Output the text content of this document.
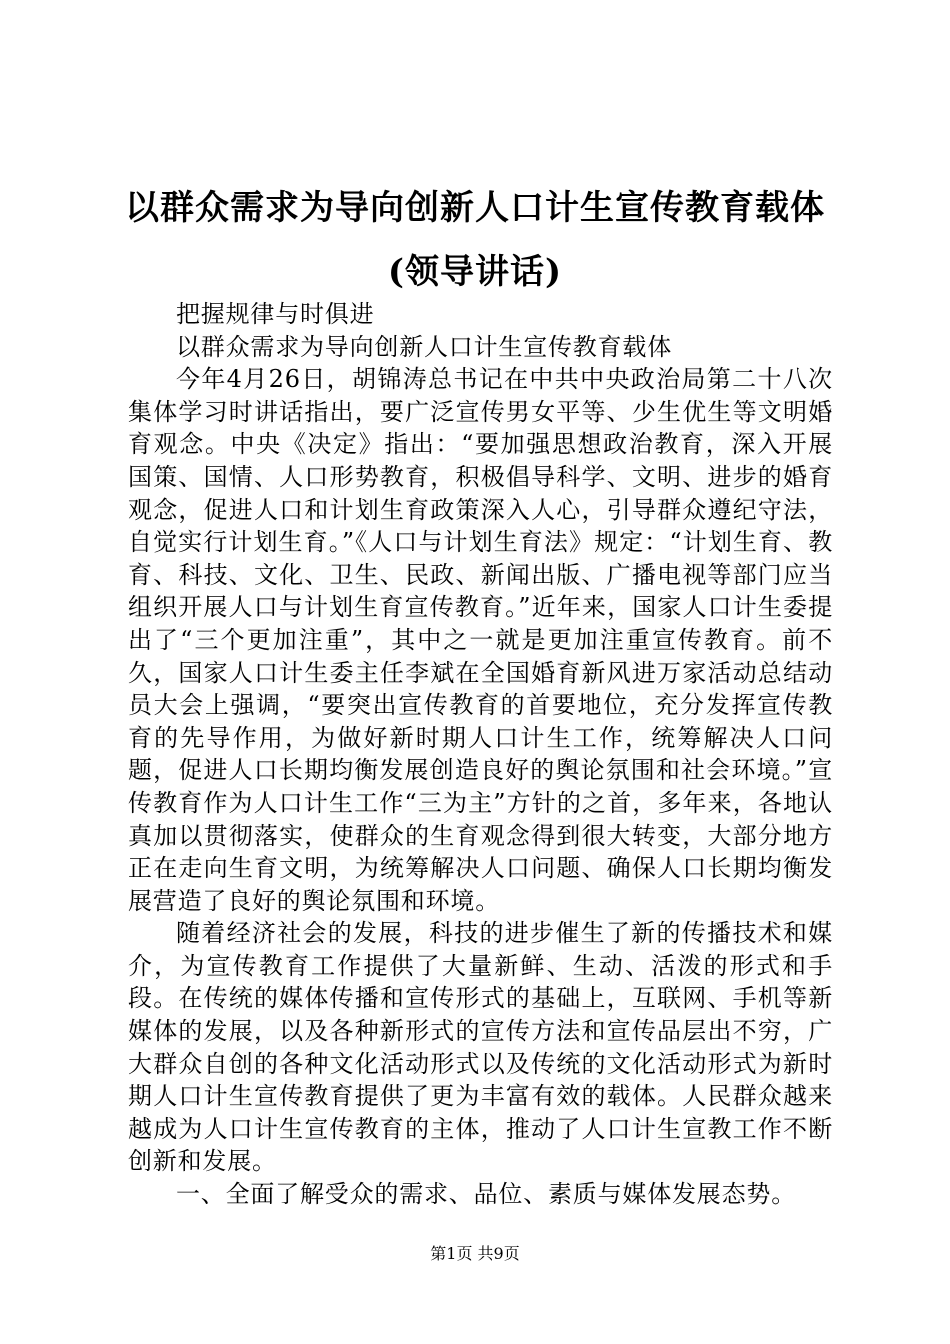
以群众需求为导向创新人口计生宣传教育载体
(领导讲话)

把握规律与时俱进

以群众需求为导向创新人口计生宣传教育载体

今年4月26日，胡锦涛总书记在中共中央政治局第二十八次集体学习时讲话指出，要广泛宣传男女平等、少生优生等文明婚育观念。中央《决定》指出：“要加强思想政治教育，深入开展国策、国情、人口形势教育，积极倡导科学、文明、进步的婚育观念，促进人口和计划生育政策深入人心，引导群众遵纪守法，自觉实行计划生育。”《人口与计划生育法》规定：“计划生育、教育、科技、文化、卫生、民政、新闻出版、广播电视等部门应当组织开展人口与计划生育宣传教育。”近年来，国家人口计生委提出了“三个更加注重”，其中之一就是更加注重宣传教育。前不久，国家人口计生委主任李斌在全国婚育新风进万家活动总结动员大会上强调，“要突出宣传教育的首要地位，充分发挥宣传教育的先导作用，为做好新时期人口计生工作，统筹解决人口问题，促进人口长期均衡发展创造良好的舆论氛围和社会环境。”宣传教育作为人口计生工作“三为主”方针的之首，多年来，各地认真加以贯彻落实，使群众的生育观念得到很大转变，大部分地方正在走向生育文明，为统筹解决人口问题、确保人口长期均衡发展营造了良好的舆论氛围和环境。

随着经济社会的发展，科技的进步催生了新的传播技术和媒介，为宣传教育工作提供了大量新鲜、生动、活泼的形式和手段。在传统的媒体传播和宣传形式的基础上，互联网、手机等新媒体的发展，以及各种新形式的宣传方法和宣传品层出不穷，广大群众自创的各种文化活动形式以及传统的文化活动形式为新时期人口计生宣传教育提供了更为丰富有效的载体。人民群众越来越成为人口计生宣传教育的主体，推动了人口计生宣教工作不断创新和发展。

一、全面了解受众的需求、品位、素质与媒体发展态势。

第1页 共9页
